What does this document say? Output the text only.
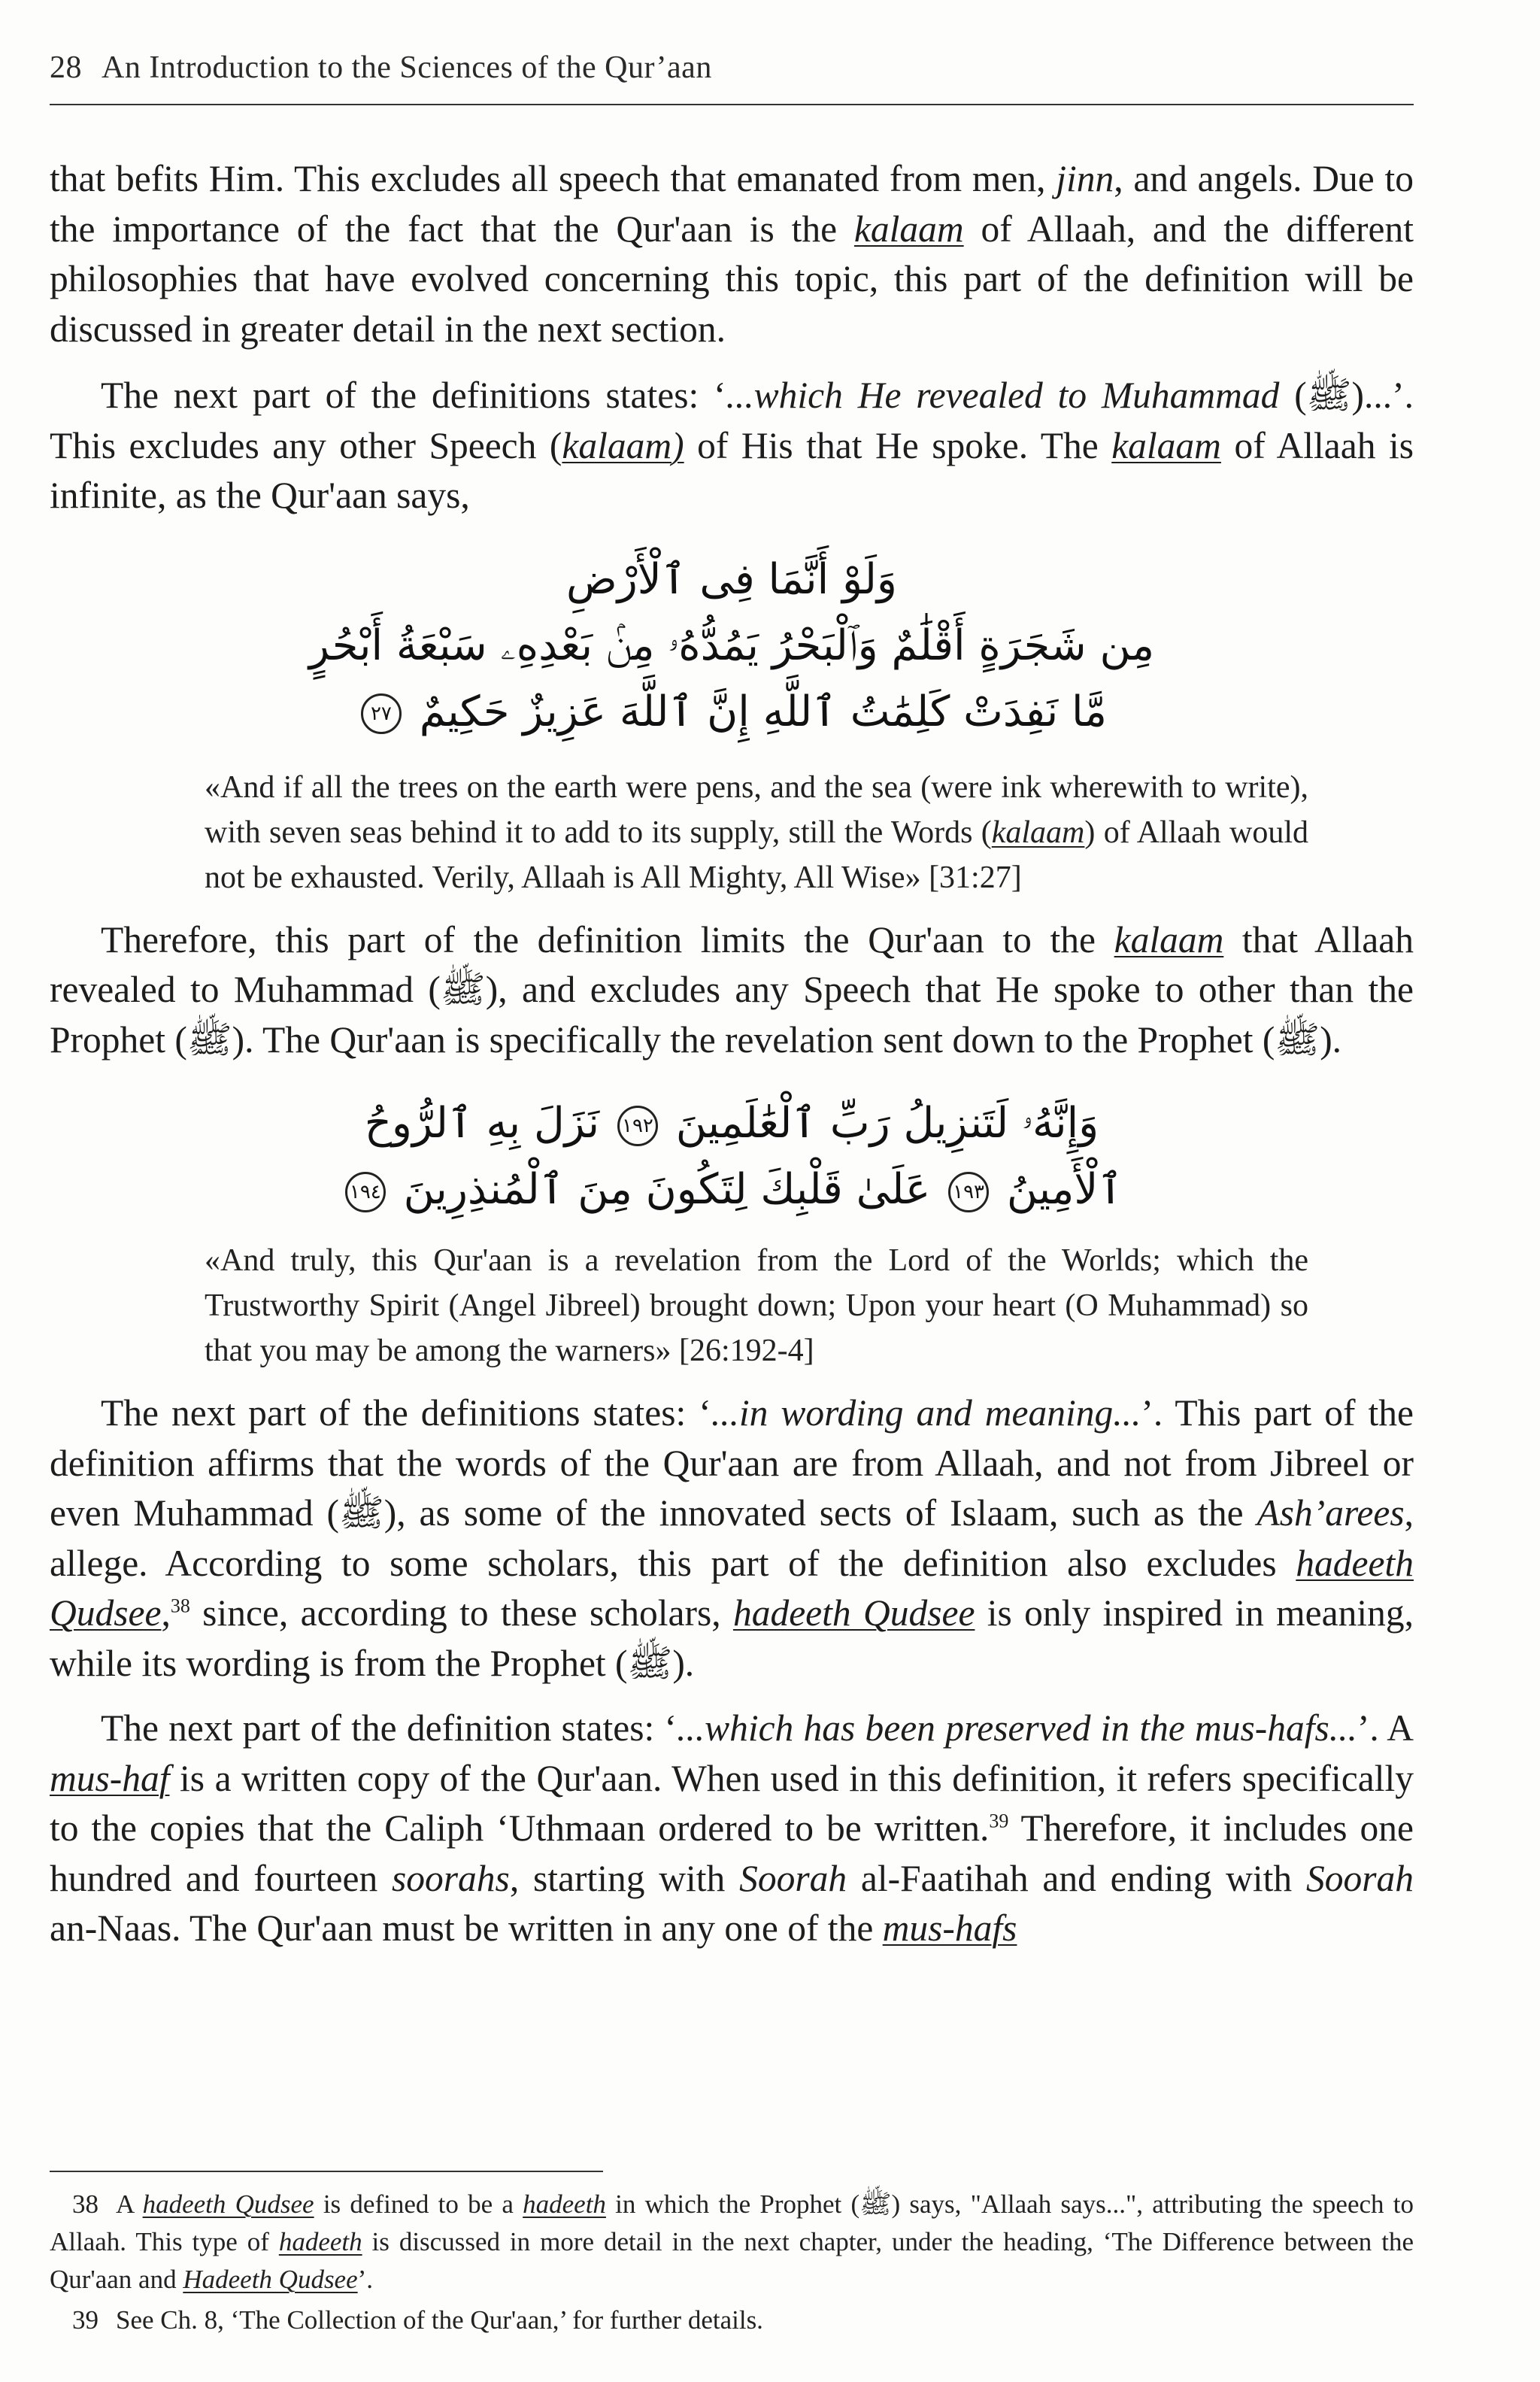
28 An Introduction to the Sciences of the Qur’aan

that befits Him. This excludes all speech that emanated from men, jinn, and angels. Due to the importance of the fact that the Qur'aan is the kalaam of Allaah, and the different philosophies that have evolved concerning this topic, this part of the definition will be discussed in greater detail in the next section.

The next part of the definitions states: ‘...which He revealed to Muhammad (ﷺ)...’. This excludes any other Speech (kalaam) of His that He spoke. The kalaam of Allaah is infinite, as the Qur'aan says,

وَلَوْ أَنَّمَا فِى ٱلْأَرْضِ
مِن شَجَرَةٍ أَقْلَٰمٌ وَٱلْبَحْرُ يَمُدُّهُۥ مِنۢ بَعْدِهِۦ سَبْعَةُ أَبْحُرٍ
مَّا نَفِدَتْ كَلِمَٰتُ ٱللَّهِ إِنَّ ٱللَّهَ عَزِيزٌ حَكِيمٌ ٢٧

«And if all the trees on the earth were pens, and the sea (were ink wherewith to write), with seven seas behind it to add to its supply, still the Words (kalaam) of Allaah would not be exhausted. Verily, Allaah is All Mighty, All Wise» [31:27]

Therefore, this part of the definition limits the Qur'aan to the kalaam that Allaah revealed to Muhammad (ﷺ), and excludes any Speech that He spoke to other than the Prophet (ﷺ). The Qur'aan is specifically the revelation sent down to the Prophet (ﷺ).

وَإِنَّهُۥ لَتَنزِيلُ رَبِّ ٱلْعَٰلَمِينَ ١٩٢ نَزَلَ بِهِ ٱلرُّوحُ
ٱلْأَمِينُ ١٩٣ عَلَىٰ قَلْبِكَ لِتَكُونَ مِنَ ٱلْمُنذِرِينَ ١٩٤

«And truly, this Qur'aan is a revelation from the Lord of the Worlds; which the Trustworthy Spirit (Angel Jibreel) brought down; Upon your heart (O Muhammad) so that you may be among the warners» [26:192-4]

The next part of the definitions states: ‘...in wording and meaning...’. This part of the definition affirms that the words of the Qur'aan are from Allaah, and not from Jibreel or even Muhammad (ﷺ), as some of the innovated sects of Islaam, such as the Ash’arees, allege. According to some scholars, this part of the definition also excludes hadeeth Qudsee,$^{38}$ since, according to these scholars, hadeeth Qudsee is only inspired in meaning, while its wording is from the Prophet (ﷺ).

The next part of the definition states: ‘...which has been preserved in the mus-hafs...’. A mus-haf is a written copy of the Qur'aan. When used in this definition, it refers specifically to the copies that the Caliph ‘Uthmaan ordered to be written.$^{39}$ Therefore, it includes one hundred and fourteen soorahs, starting with Soorah al-Faatihah and ending with Soorah an-Naas. The Qur'aan must be written in any one of the mus-hafs

38 A hadeeth Qudsee is defined to be a hadeeth in which the Prophet (ﷺ) says, "Allaah says...", attributing the speech to Allaah. This type of hadeeth is discussed in more detail in the next chapter, under the heading, ‘The Difference between the Qur'aan and Hadeeth Qudsee’.

39 See Ch. 8, ‘The Collection of the Qur'aan,’ for further details.
